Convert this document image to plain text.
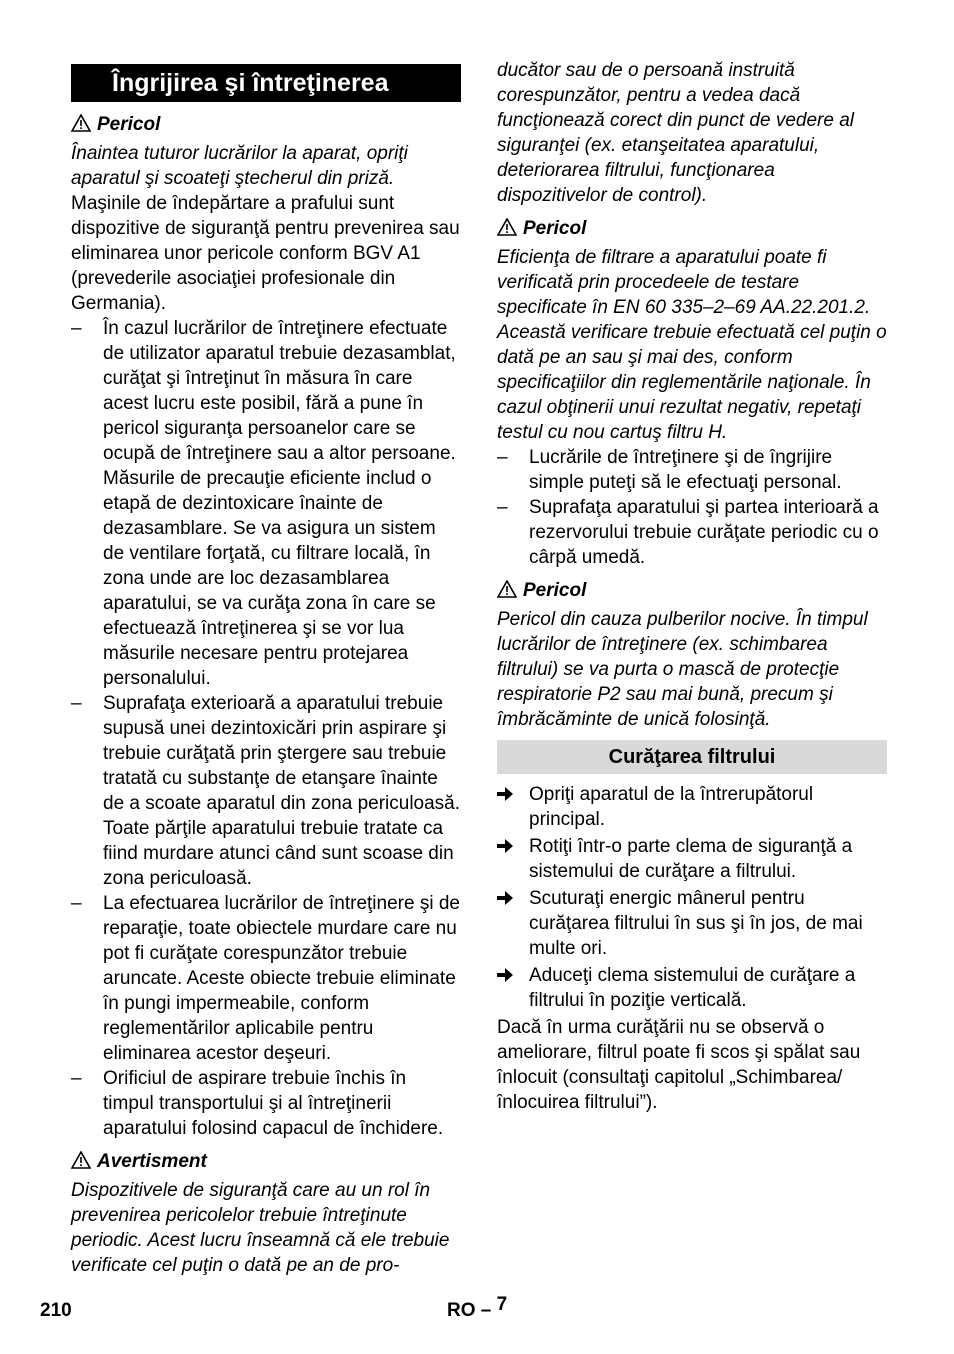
Îngrijirea şi întreţinerea
Pericol

Înaintea tuturor lucrărilor la aparat, opriţi aparatul şi scoateţi ştecherul din priză.

Maşinile de îndepărtare a prafului sunt dispozitive de siguranţă pentru prevenirea sau eliminarea unor pericole conform BGV A1 (prevederile asociaţiei profesionale din Germania).

– În cazul lucrărilor de întreţinere efectuate de utilizator aparatul trebuie dezasamblat, curăţat şi întreţinut în măsura în care acest lucru este posibil, fără a pune în pericol siguranţa persoanelor care se ocupă de întreţinere sau a altor persoane. Măsurile de precauţie eficiente includ o etapă de dezintoxicare înainte de dezasamblare. Se va asigura un sistem de ventilare forţată, cu filtrare locală, în zona unde are loc dezasamblarea aparatului, se va curăţa zona în care se efectuează întreţinerea şi se vor lua măsurile necesare pentru protejarea personalului.
– Suprafaţa exterioară a aparatului trebuie supusă unei dezintoxicări prin aspirare şi trebuie curăţată prin ştergere sau trebuie tratată cu substanţe de etanşare înainte de a scoate aparatul din zona periculoasă. Toate părţile aparatului trebuie tratate ca fiind murdare atunci când sunt scoase din zona periculoasă.
– La efectuarea lucrărilor de întreţinere şi de reparaţie, toate obiectele murdare care nu pot fi curăţate corespunzător trebuie aruncate. Aceste obiecte trebuie eliminate în pungi impermeabile, conform reglementărilor aplicabile pentru eliminarea acestor deşeuri.
– Orificiul de aspirare trebuie închis în timpul transportului şi al întreţinerii aparatului folosind capacul de închidere.
Avertisment

Dispozitivele de siguranţă care au un rol în prevenirea pericolelor trebuie întreţinute periodic. Acest lucru înseamnă că ele trebuie verificate cel puţin o dată pe an de pro-

ducător sau de o persoană instruită corespunzător, pentru a vedea dacă funcţionează corect din punct de vedere al siguranţei (ex. etanşeitatea aparatului, deteriorarea filtrului, funcţionarea dispozitivelor de control).

Pericol

Eficienţa de filtrare a aparatului poate fi verificată prin procedeele de testare specificate în EN 60 335–2–69 AA.22.201.2. Această verificare trebuie efectuată cel puţin o dată pe an sau şi mai des, conform specificaţiilor din reglementările naţionale. În cazul obţinerii unui rezultat negativ, repetaţi testul cu nou cartuş filtru H.

– Lucrările de întreţinere şi de îngrijire simple puteţi să le efectuaţi personal.
– Suprafaţa aparatului şi partea interioară a rezervorului trebuie curăţate periodic cu o cârpă umedă.
Pericol

Pericol din cauza pulberilor nocive. În timpul lucrărilor de întreţinere (ex. schimbarea filtrului) se va purta o mască de protecţie respiratorie P2 sau mai bună, precum şi îmbrăcăminte de unică folosinţă.

Curăţarea filtrului
Opriţi aparatul de la întrerupătorul principal.
Rotiţi într-o parte clema de siguranţă a sistemului de curăţare a filtrului.
Scuturaţi energic mânerul pentru curăţarea filtrului în sus şi în jos, de mai multe ori.
Aduceţi clema sistemului de curăţare a filtrului în poziţie verticală.

Dacă în urma curăţării nu se observă o ameliorare, filtrul poate fi scos şi spălat sau înlocuit (consultaţi capitolul „Schimbarea/ înlocuirea filtrului”).

210	RO – 7
